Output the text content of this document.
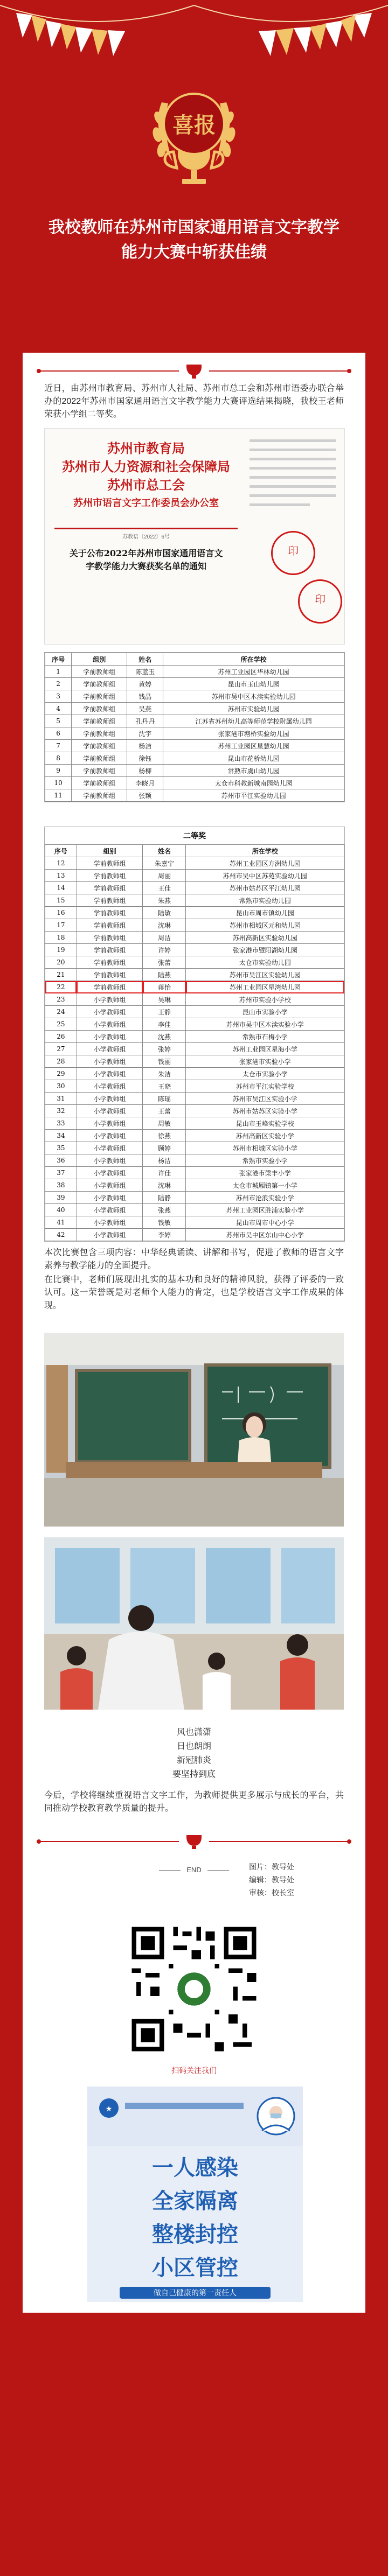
喜报
我校教师在苏州市国家通用语言文字教学能力大赛中斩获佳绩
近日，由苏州市教育局、苏州市人社局、苏州市总工会和苏州市语委办联合举办的2022年苏州市国家通用语言文字教学能力大赛评选结果揭晓，我校王老师荣获小学组二等奖。
苏州市教育局
苏州市人力资源和社会保障局
苏州市总工会
苏州市语言文字工作委员会办公室
苏教语〔2022〕6号
关于公布2022年苏州市国家通用语言文字教学能力大赛获奖名单的通知
印
印
序号	组别	姓名	所在学校
1	学前教师组	陈蓝玉	苏州工业园区华林幼儿园
2	学前教师组	黄婷	昆山市玉山幼儿园
3	学前教师组	钱晶	苏州市吴中区木渎实验幼儿园
4	学前教师组	吴燕	苏州市实验幼儿园
5	学前教师组	孔丹丹	江苏省苏州幼儿高等师范学校附属幼儿园
6	学前教师组	沈宇	张家港市塘桥实验幼儿园
7	学前教师组	杨洁	苏州工业园区星慧幼儿园
8	学前教师组	徐钰	昆山市花桥幼儿园
9	学前教师组	杨柳	常熟市虞山幼儿园
10	学前教师组	李晓月	太仓市科教新城南园幼儿园
11	学前教师组	张颖	苏州市平江实验幼儿园
二等奖
序号	组别	姓名	所在学校
12	学前教师组	朱嘉宁	苏州工业园区方洲幼儿园
13	学前教师组	周丽	苏州市吴中区苏苑实验幼儿园
14	学前教师组	王佳	苏州市姑苏区平江幼儿园
15	学前教师组	朱燕	常熟市实验幼儿园
16	学前教师组	陆敏	昆山市周市镇幼儿园
17	学前教师组	沈琳	苏州市相城区元和幼儿园
18	学前教师组	周洁	苏州高新区实验幼儿园
19	学前教师组	许婷	张家港市暨阳湖幼儿园
20	学前教师组	张蕾	太仓市实验幼儿园
21	学前教师组	陆燕	苏州市吴江区实验幼儿园
22	学前教师组	蒋怡	苏州工业园区星湾幼儿园
23	小学教师组	吴琳	苏州市实验小学校
24	小学教师组	王静	昆山市实验小学
25	小学教师组	李佳	苏州市吴中区木渎实验小学
26	小学教师组	沈燕	常熟市石梅小学
27	小学教师组	张婷	苏州工业园区星海小学
28	小学教师组	钱丽	张家港市实验小学
29	小学教师组	朱洁	太仓市实验小学
30	小学教师组	王晓	苏州市平江实验学校
31	小学教师组	陈瑶	苏州市吴江区实验小学
32	小学教师组	王蕾	苏州市姑苏区实验小学
33	小学教师组	周敏	昆山市玉峰实验学校
34	小学教师组	徐燕	苏州高新区实验小学
35	小学教师组	顾婷	苏州市相城区实验小学
36	小学教师组	杨洁	常熟市实验小学
37	小学教师组	许佳	张家港市梁丰小学
38	小学教师组	沈琳	太仓市城厢镇第一小学
39	小学教师组	陆静	苏州市沧浪实验小学
40	小学教师组	张燕	苏州工业园区胜浦实验小学
41	小学教师组	钱敏	昆山市周市中心小学
42	小学教师组	李婷	苏州市吴中区东山中心小学
本次比赛包含三项内容：中华经典诵读、讲解和书写，促进了教师的语言文字素养与教学能力的全面提升。
在比赛中，老师们展现出扎实的基本功和良好的精神风貌，获得了评委的一致认可。这一荣誉既是对老师个人能力的肯定，也是学校语言文字工作成果的体现。
风也潇潇
日也朗朗
新冠肺炎
要坚持到底
今后，学校将继续重视语言文字工作，为教师提供更多展示与成长的平台，共同推动学校教育教学质量的提升。
END	图片：教导处
编辑：教导处
审核：校长室
扫码关注我们
★
一人感染
全家隔离
整楼封控
小区管控
做自己健康的第一责任人
